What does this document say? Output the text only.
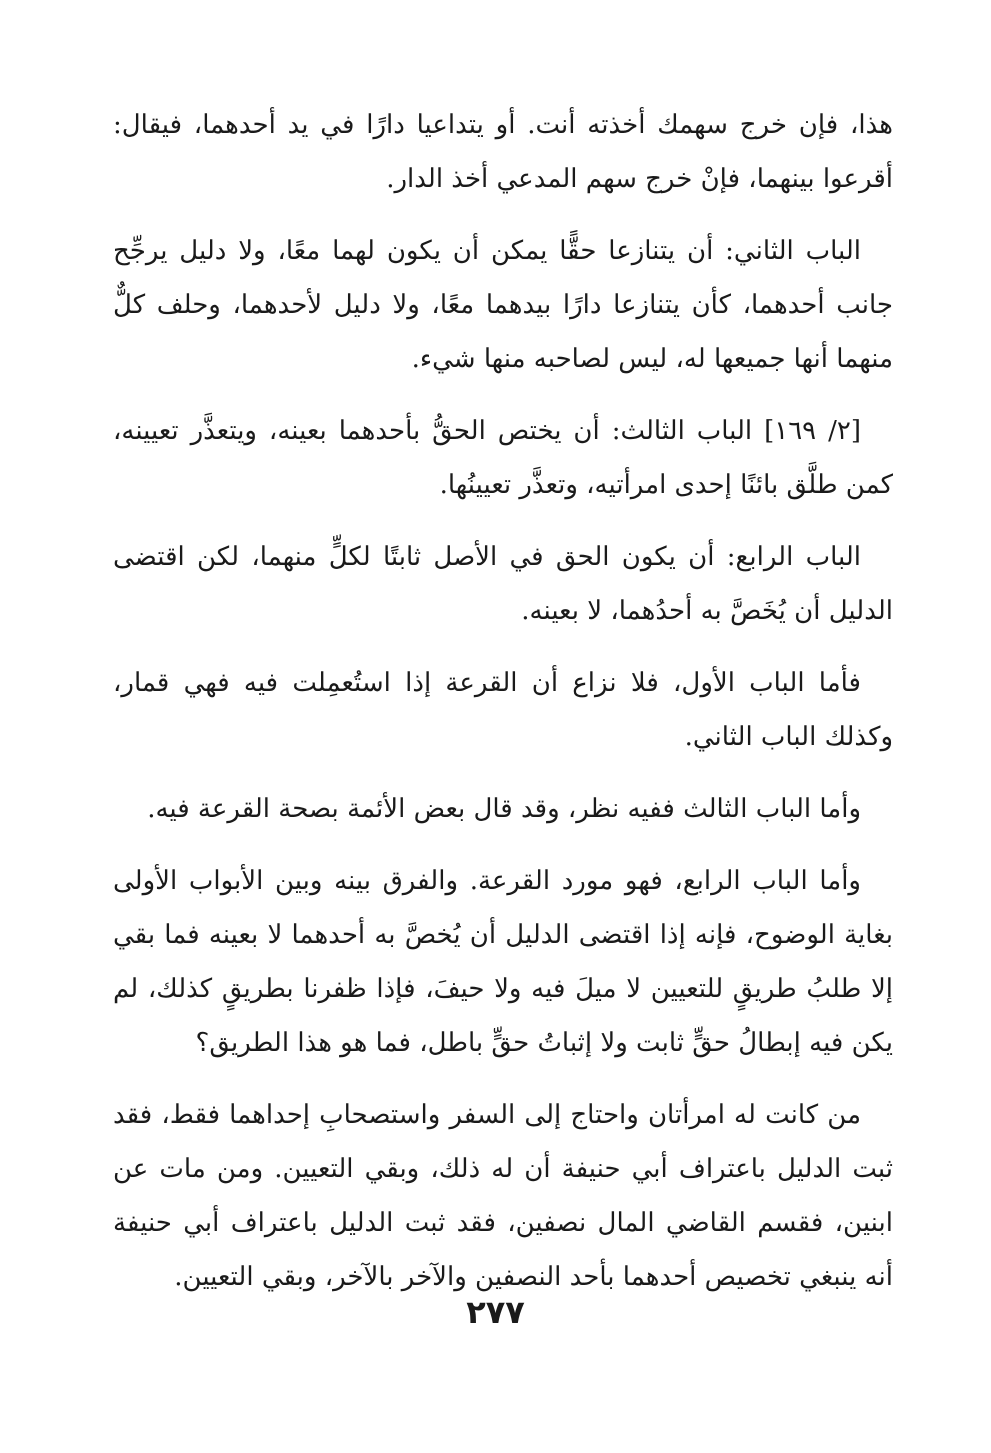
هذا، فإن خرج سهمك أخذته أنت. أو يتداعيا دارًا في يد أحدهما، فيقال: أقرعوا بينهما، فإنْ خرج سهم المدعي أخذ الدار.

الباب الثاني: أن يتنازعا حقًّا يمكن أن يكون لهما معًا، ولا دليل يرجِّح جانب أحدهما، كأن يتنازعا دارًا بيدهما معًا، ولا دليل لأحدهما، وحلف كلٌّ منهما أنها جميعها له، ليس لصاحبه منها شيء.

[٢/ ١٦٩] الباب الثالث: أن يختص الحقُّ بأحدهما بعينه، ويتعذَّر تعيينه، كمن طلَّق بائنًا إحدى امرأتيه، وتعذَّر تعيينُها.

الباب الرابع: أن يكون الحق في الأصل ثابتًا لكلٍّ منهما، لكن اقتضى الدليل أن يُخَصَّ به أحدُهما، لا بعينه.

فأما الباب الأول، فلا نزاع أن القرعة إذا استُعمِلت فيه فهي قمار، وكذلك الباب الثاني.

وأما الباب الثالث ففيه نظر، وقد قال بعض الأئمة بصحة القرعة فيه.

وأما الباب الرابع، فهو مورد القرعة. والفرق بينه وبين الأبواب الأولى بغاية الوضوح، فإنه إذا اقتضى الدليل أن يُخصَّ به أحدهما لا بعينه فما بقي إلا طلبُ طريقٍ للتعيين لا ميلَ فيه ولا حيفَ، فإذا ظفرنا بطريقٍ كذلك، لم يكن فيه إبطالُ حقٍّ ثابت ولا إثباتُ حقٍّ باطل، فما هو هذا الطريق؟

من كانت له امرأتان واحتاج إلى السفر واستصحابِ إحداهما فقط، فقد ثبت الدليل باعتراف أبي حنيفة أن له ذلك، وبقي التعيين. ومن مات عن ابنين، فقسم القاضي المال نصفين، فقد ثبت الدليل باعتراف أبي حنيفة أنه ينبغي تخصيص أحدهما بأحد النصفين والآخر بالآخر، وبقي التعيين.

٢٧٧
